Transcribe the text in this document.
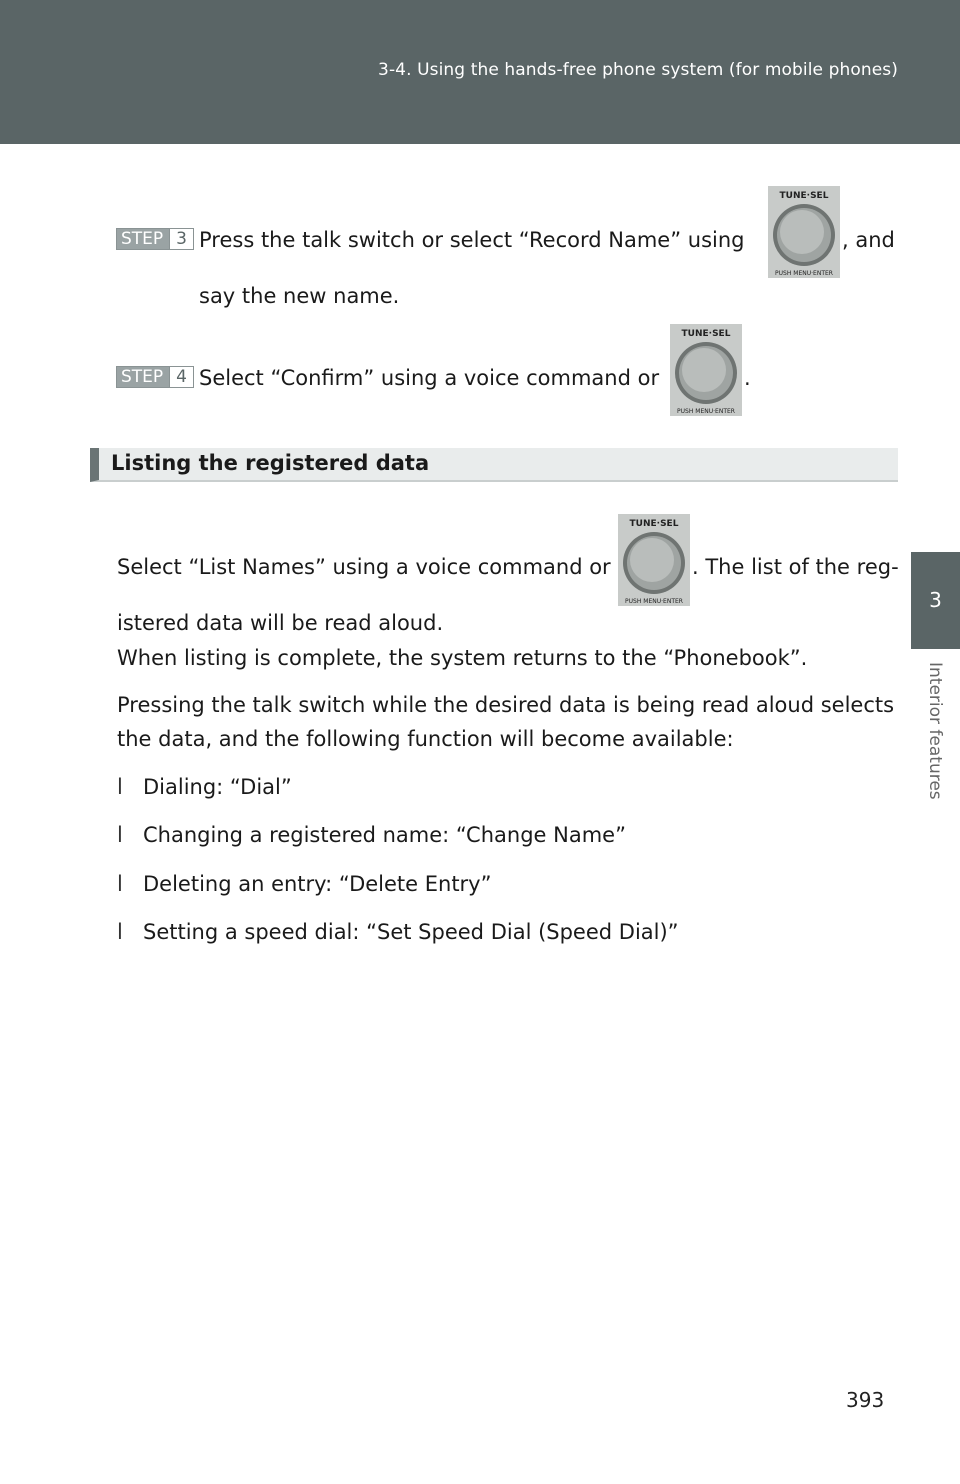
3-4. Using the hands-free phone system (for mobile phones)
3
Interior features
STEP 3 Press the talk switch or select “Record Name” using
TUNE·SEL
PUSH MENU·ENTER
, and
say the new name.
STEP 4 Select “Confirm” using a voice command or
TUNE·SEL
PUSH MENU·ENTER
.
Listing the registered data
Select “List Names” using a voice command or
TUNE·SEL
PUSH MENU·ENTER
. The list of the reg-
istered data will be read aloud.
When listing is complete, the system returns to the “Phonebook”.
Pressing the talk switch while the desired data is being read aloud selects
the data, and the following function will become available:
l Dialing: “Dial”
l Changing a registered name: “Change Name”
l Deleting an entry: “Delete Entry”
l Setting a speed dial: “Set Speed Dial (Speed Dial)”
393
